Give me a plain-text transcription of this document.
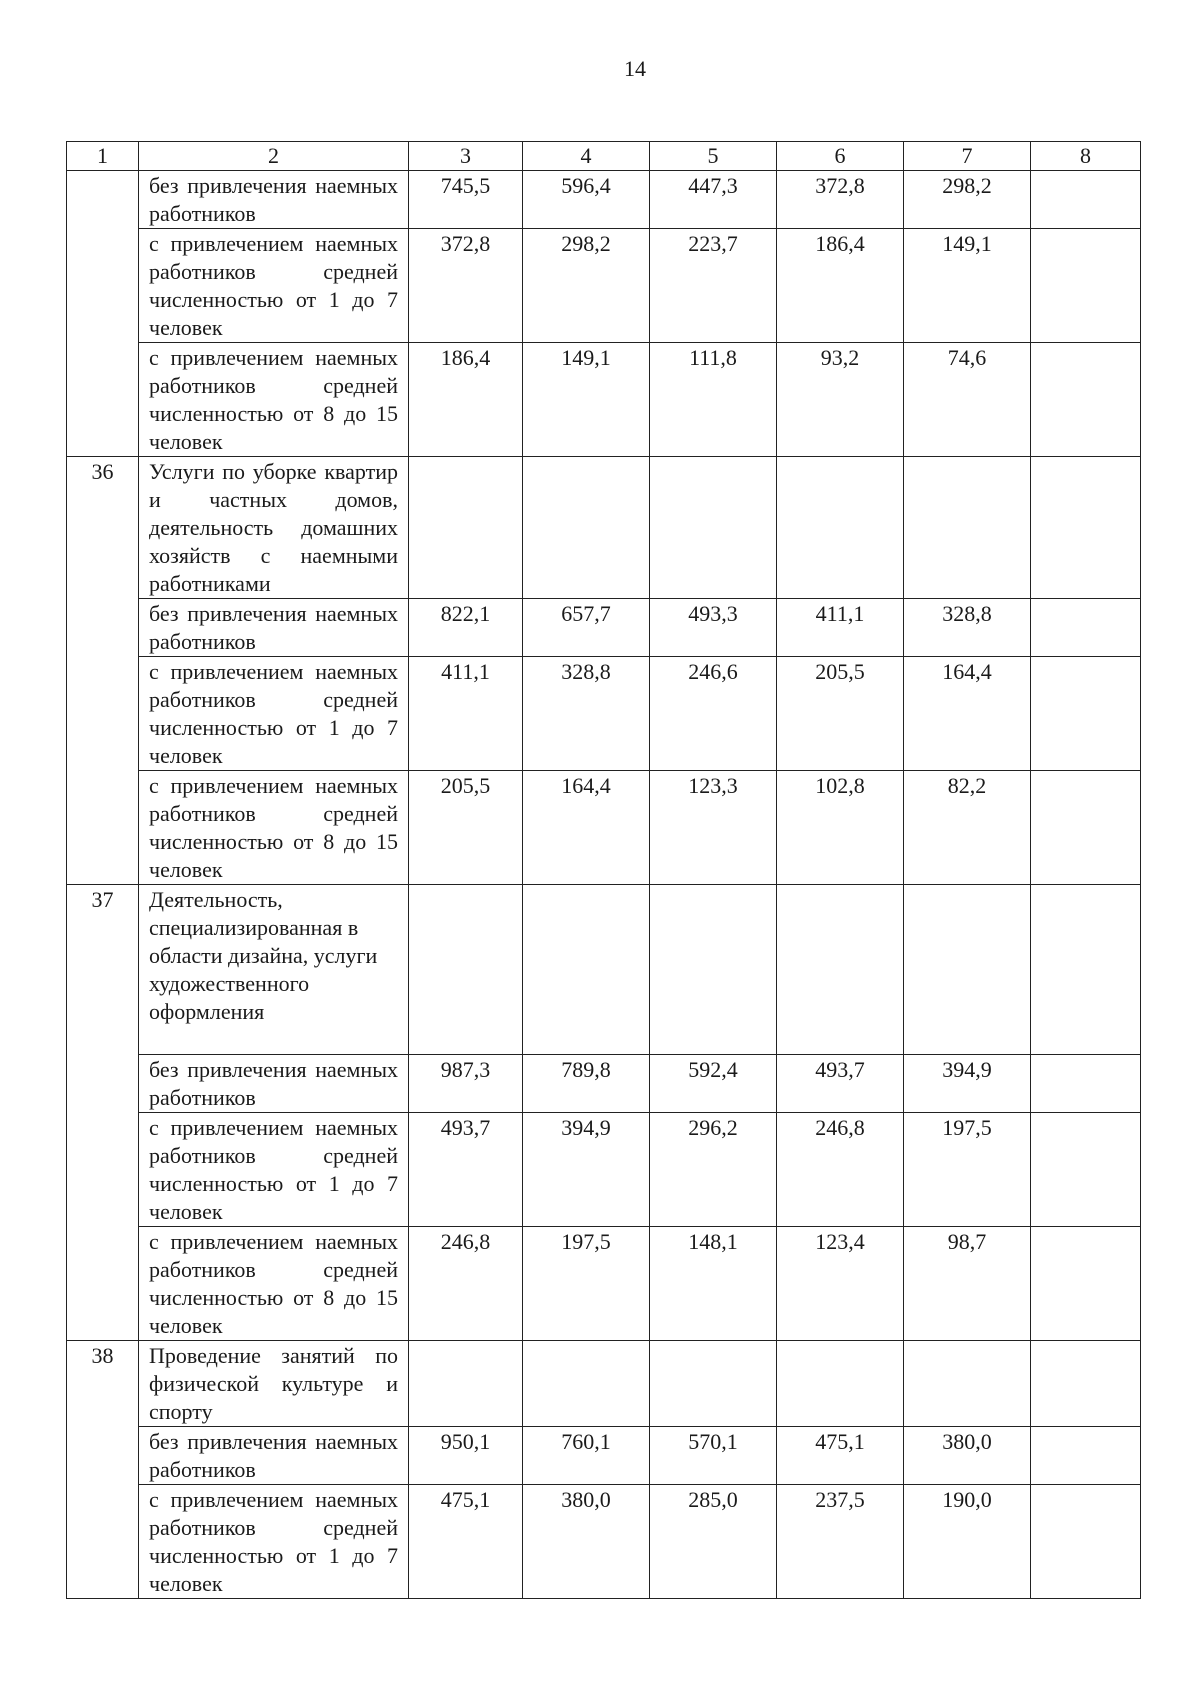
14
1	2	3	4	5	6	7	8
	без привлечения наемных работников	745,5	596,4	447,3	372,8	298,2	
	с привлечением наемных работников средней численностью от 1 до 7 человек	372,8	298,2	223,7	186,4	149,1	
	с привлечением наемных работников средней численностью от 8 до 15 человек	186,4	149,1	111,8	93,2	74,6	
36	Услуги по уборке квартир и частных домов, деятельность домашних хозяйств с наемными работниками						
	без привлечения наемных работников	822,1	657,7	493,3	411,1	328,8	
	с привлечением наемных работников средней численностью от 1 до 7 человек	411,1	328,8	246,6	205,5	164,4	
	с привлечением наемных работников средней численностью от 8 до 15 человек	205,5	164,4	123,3	102,8	82,2	
37	Деятельность, специализированная в области дизайна, услуги художественного оформления						
	без привлечения наемных работников	987,3	789,8	592,4	493,7	394,9	
	с привлечением наемных работников средней численностью от 1 до 7 человек	493,7	394,9	296,2	246,8	197,5	
	с привлечением наемных работников средней численностью от 8 до 15 человек	246,8	197,5	148,1	123,4	98,7	
38	Проведение занятий по физической культуре и спорту						
	без привлечения наемных работников	950,1	760,1	570,1	475,1	380,0	
	с привлечением наемных работников средней численностью от 1 до 7 человек	475,1	380,0	285,0	237,5	190,0	
